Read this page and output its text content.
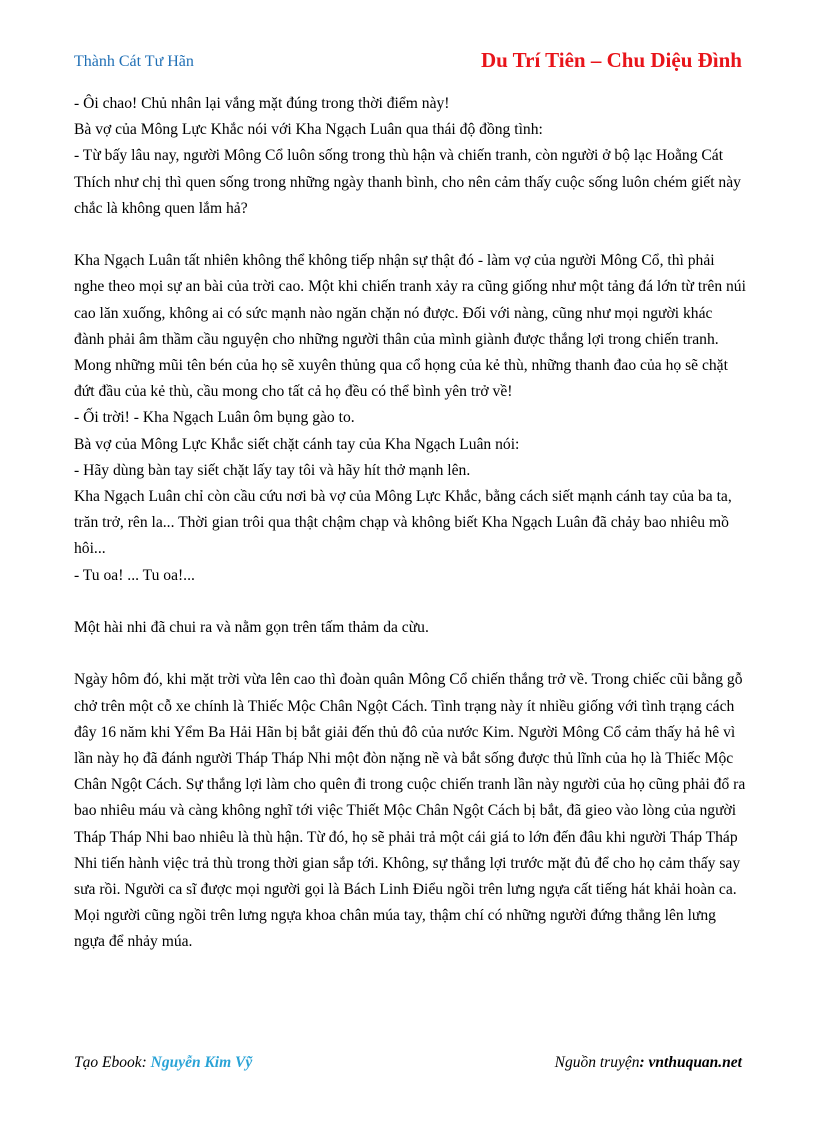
Thành Cát Tư Hãn	Du Trí Tiên – Chu Diệu Đình

- Ôi chao! Chủ nhân lại vắng mặt đúng trong thời điểm này!

Bà vợ của Mông Lực Khắc nói với Kha Ngạch Luân qua thái độ đồng tình:

- Từ bấy lâu nay, người Mông Cổ luôn sống trong thù hận và chiến tranh, còn người ở bộ lạc Hoằng Cát Thích như chị thì quen sống trong những ngày thanh bình, cho nên cảm thấy cuộc sống luôn chém giết này chắc là không quen lắm hả?

Kha Ngạch Luân tất nhiên không thể không tiếp nhận sự thật đó - làm vợ của người Mông Cổ, thì phải nghe theo mọi sự an bài của trời cao. Một khi chiến tranh xảy ra cũng giống như một tảng đá lớn từ trên núi cao lăn xuống, không ai có sức mạnh nào ngăn chặn nó được. Đối với nàng, cũng như mọi người khác đành phải âm thầm cầu nguyện cho những người thân của mình giành được thắng lợi trong chiến tranh. Mong những mũi tên bén của họ sẽ xuyên thủng qua cổ họng của kẻ thù, những thanh đao của họ sẽ chặt đứt đầu của kẻ thù, cầu mong cho tất cả họ đều có thể bình yên trở về!

- Ối trời! - Kha Ngạch Luân ôm bụng gào to.

Bà vợ của Mông Lực Khắc siết chặt cánh tay của Kha Ngạch Luân nói:

- Hãy dùng bàn tay siết chặt lấy tay tôi và hãy hít thở mạnh lên.

Kha Ngạch Luân chỉ còn cầu cứu nơi bà vợ của Mông Lực Khắc, bằng cách siết mạnh cánh tay của ba ta, trăn trở, rên la... Thời gian trôi qua thật chậm chạp và không biết Kha Ngạch Luân đã chảy bao nhiêu mồ hôi...

- Tu oa! ... Tu oa!...

Một hài nhi đã chui ra và nằm gọn trên tấm thảm da cừu.

Ngày hôm đó, khi mặt trời vừa lên cao thì đoàn quân Mông Cổ chiến thắng trở về. Trong chiếc cũi bằng gỗ chở trên một cỗ xe chính là Thiếc Mộc Chân Ngột Cách. Tình trạng này ít nhiều giống với tình trạng cách đây 16 năm khi Yểm Ba Hải Hãn bị bắt giải đến thủ đô của nước Kim. Người Mông Cổ cảm thấy hả hê vì lần này họ đã đánh người Tháp Tháp Nhi một đòn nặng nề và bắt sống được thủ lĩnh của họ là Thiếc Mộc Chân Ngột Cách. Sự thắng lợi làm cho quên đi trong cuộc chiến tranh lần này người của họ cũng phải đổ ra bao nhiêu máu và càng không nghĩ tới việc Thiết Mộc Chân Ngột Cách bị bắt, đã gieo vào lòng của người Tháp Tháp Nhi bao nhiêu là thù hận. Từ đó, họ sẽ phải trả một cái giá to lớn đến đâu khi người Tháp Tháp Nhi tiến hành việc trả thù trong thời gian sắp tới. Không, sự thắng lợi trước mặt đủ để cho họ cảm thấy say sưa rồi. Người ca sĩ được mọi người gọi là Bách Linh Điểu ngồi trên lưng ngựa cất tiếng hát khải hoàn ca. Mọi người cũng ngồi trên lưng ngựa khoa chân múa tay, thậm chí có những người đứng thẳng lên lưng ngựa để nhảy múa.

Tạo Ebook: Nguyễn Kim Vỹ	Nguồn truyện: vnthuquan.net
